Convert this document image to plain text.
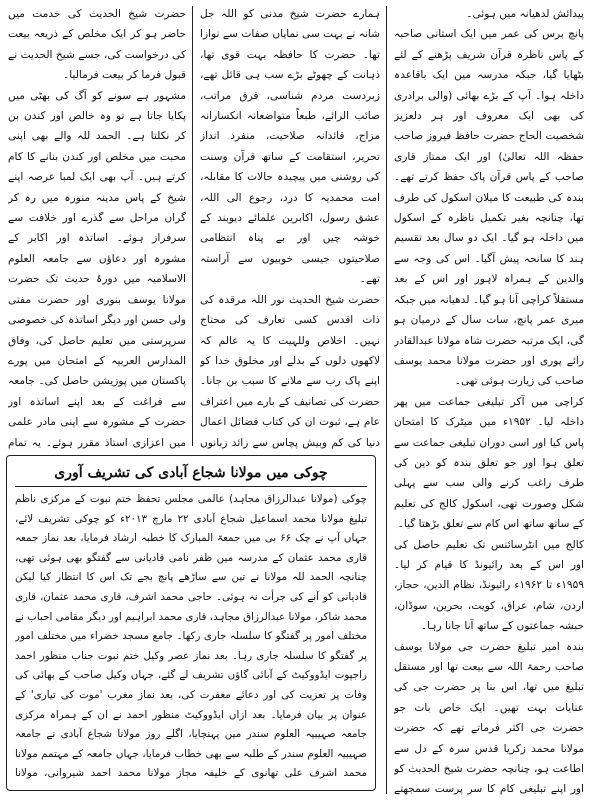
پیدائش لدھیانہ میں ہوئی۔

پانچ برس کی عمر میں ایک استانی صاحبہ کے پاس ناظرہ قرآن شریف پڑھنے کے لئے بٹھایا گیا، جبکہ مدرسہ میں ایک باقاعدہ داخلہ ہوا۔ آپ کے بڑے بھائی (والی برادری کی بھی ایک معروف اور ہر دلعزیز شخصیت الحاج حضرت حافظ فیروز صاحب حفظہ اللہ تعالیٰ) اور ایک ممتاز قاری صاحب کے پاس قرآن پاک حفظ کرتے تھے۔ بندہ کی طبیعت کا میلان اسکول کی طرف تھا، چنانچہ بغیر تکمیل ناظرہ کے اسکول میں داخلہ ہو گیا۔ ایک دو سال بعد تقسیم ہند کا سانحہ پیش آگیا۔ اس کی وجہ سے والدین کے ہمراہ لاہور اور اس کے بعد مستقلاً کراچی آنا ہو گیا۔ لدھیانہ میں جبکہ میری عمر پانچ، سات سال کے درمیان ہو گی، ایک مرتبہ حضرت شاہ مولانا عبدالقادر رائے پوری اور حضرت مولانا محمد یوسف صاحب کی زیارت ہوئی تھی۔

کراچی میں آکر تبلیغی جماعت میں پھر داخلہ لیا۔ ۱۹۵۲ء میں میٹرک کا امتحان پاس کیا اور اسی دوران تبلیغی جماعت سے تعلق ہوا اور جو تعلق بندہ کو دین کی طرف راغب کرنے والی سب سے پہلی شکل وصورت تھی، اسکول کالج کی تعلیم کے ساتھ ساتھ اس کام سے تعلق بڑھتا گیا۔

کالج میں انٹرسائنس تک تعلیم حاصل کی اور اس کے بعد رائیونڈ کا قیام کر لیا۔ ۱۹۵۹ء تا ۱۹۶۲ء رائیونڈ، نظام الدین، حجاز، اردن، شام، عراق، کویت، بحرین، سوڈان، حبشہ جماعتوں کے ساتھ آنا جانا رہا۔

بندہ امیر تبلیغ حضرت جی مولانا یوسف صاحب رحمۃ اللہ سے بیعت تھا اور مستقل تبلیغ میں تھا، اس بنا پر حضرت جی کی عنایات بہت تھیں۔ ایک خاص بات جو حضرت جی اکثر فرماتے تھے کہ حضرت مولانا محمد زکریا قدس سرہ کے دل سے اطاعت ہو، چنانچہ حضرت شیخ الحدیث کو اور اپنے تبلیغی کام کا سر پرست سمجھتے

ہمارے حضرت شیخ مدنی کو اللہ جل شانہ نے بہت سی نمایاں صفات سے نوازا تھا۔ حضرت کا حافظہ بہت قوی تھا، ذہانت کے چھوٹے بڑے سب ہی قائل تھے، زبردست مردم شناسی، فرق مراتب، صائب الرائے، طبعاً متواضعانہ انکسارانہ مزاج، قائدانہ صلاحیت، منفرد انداز تحریر، استقامت کے ساتھ قرآن وسنت کی روشنی میں پیچیدہ حالات کا مقابلہ، امت محمدیہ کا درد، رجوع الی اللہ، عشق رسول، اکابرین علمائے دیوبند کے خوشہ چیں اور بے پناہ انتظامی صلاحیتوں جیسی خوبیوں سے آراستہ تھے۔

حضرت شیخ الحدیث نور اللہ مرقدہ کی ذات اقدس کسی تعارف کی محتاج نہیں۔ اخلاص وللہیت کا یہ عالم کہ لاکھوں دلوں کے بدلے اور مخلوق خدا کو اپنے پاک رب سے ملانے کا سبب بن جانا۔ حضرت کی تصانیف کے بارے میں اعتراف عام ہے، ثبوت ان کی کتاب فضائل اعمال دنیا کی کم وبیش پچاس سے زائد زبانوں

حضرت شیخ الحدیث کی خدمت میں حاضر ہو کر ایک مخلص کے ذریعہ بیعت کی درخواست کی، جسے شیخ الحدیث نے قبول فرما کر بیعت فرمالیا۔

مشہور ہے سونے کو آگ کی بھٹی میں پکایا جاتا ہے تو وہ خالص اور کندن بن کر نکلتا ہے۔ الحمد للہ والے بھی اپنی محبت میں مخلص اور کندن بنانے کا کام کرتے ہیں۔ آپ بھی ایک لمبا عرصہ اپنے شیخ کے پاس مدینہ منورہ میں رہ کر گراں مراحل سے گذرے اور خلافت سے سرفراز ہوئے۔ اساتذہ اور اکابر کے مشورہ اور دعاؤں سے جامعہ العلوم الاسلامیہ میں دورۂ حدیث تک حضرت مولانا یوسف بنوری اور حضرت مفتی ولی حسن اور دیگر اساتذہ کی خصوصی سرپرستی میں تعلیم حاصل کی، وفاق المدارس العربیہ کے امتحان میں پورے پاکستان میں پوزیشن حاصل کی۔ جامعہ سے فراغت کے بعد اپنے اساتذہ اور حضرت کے مشورہ سے اپنی مادر علمی میں اعزازی استاذ مقرر ہوئے۔ یہ تمام

چوکی میں مولانا شجاع آبادی کی تشریف آوری
چوکی (مولانا عبدالرزاق مجاہد) عالمی مجلس تحفظ ختم نبوت کے مرکزی ناظم تبلیغ مولانا محمد اسماعیل شجاع آبادی ۲۲ مارچ ۲۰۱۳ء کو چوکی تشریف لائے، جہاں آپ نے چک ۶۶ بی میں جمعۃ المبارک کا خطبہ ارشاد فرمایا، بعد نماز جمعہ قاری محمد عثمان کے مدرسہ میں ظفر نامی قادیانی سے گفتگو بھی ہوئی تھی، چنانچہ الحمد للہ مولانا نے تین سے ساڑھے پانچ بجے تک اس کا انتظار کیا لیکن قادیانی کو آنے کی جرأت نہ ہوئی۔ حاجی محمد اشرف، قاری محمد عثمان، قاری محمد شاکر، مولانا عبدالرزاق مجاہد، قاری محمد ابراہیم اور دیگر مقامی احباب نے مختلف امور پر گفتگو کا سلسلہ جاری رکھا۔ جامع مسجد خضراء میں مختلف امور پر گفتگو کا سلسلہ جاری رہا۔ بعد نماز عصر وکیل ختم نبوت جناب منظور احمد راجپوت ایڈووکیٹ کے آبائی گاؤں تشریف لے گئے، جہاں وکیل صاحب کے بھائی کی وفات پر تعزیت کی اور دعائے مغفرت کی، بعد نماز مغرب 'موت کی تیاری' کے عنوان پر بیان فرمایا۔ بعد ازاں ایڈووکیٹ منظور احمد نے ان کے ہمراہ مرکزی جامعہ صہیبیہ العلوم سندر میں پہنچایا، اگلے روز مولانا شجاع آبادی نے جامعہ صہیبیہ العلوم سندر کے طلبہ سے بھی خطاب فرمایا، جہاں جامعہ کے مہتمم مولانا محمد اشرف علی تھانوی کے خلیفہ مجاز مولانا محمد احمد شیروانی، مولانا
